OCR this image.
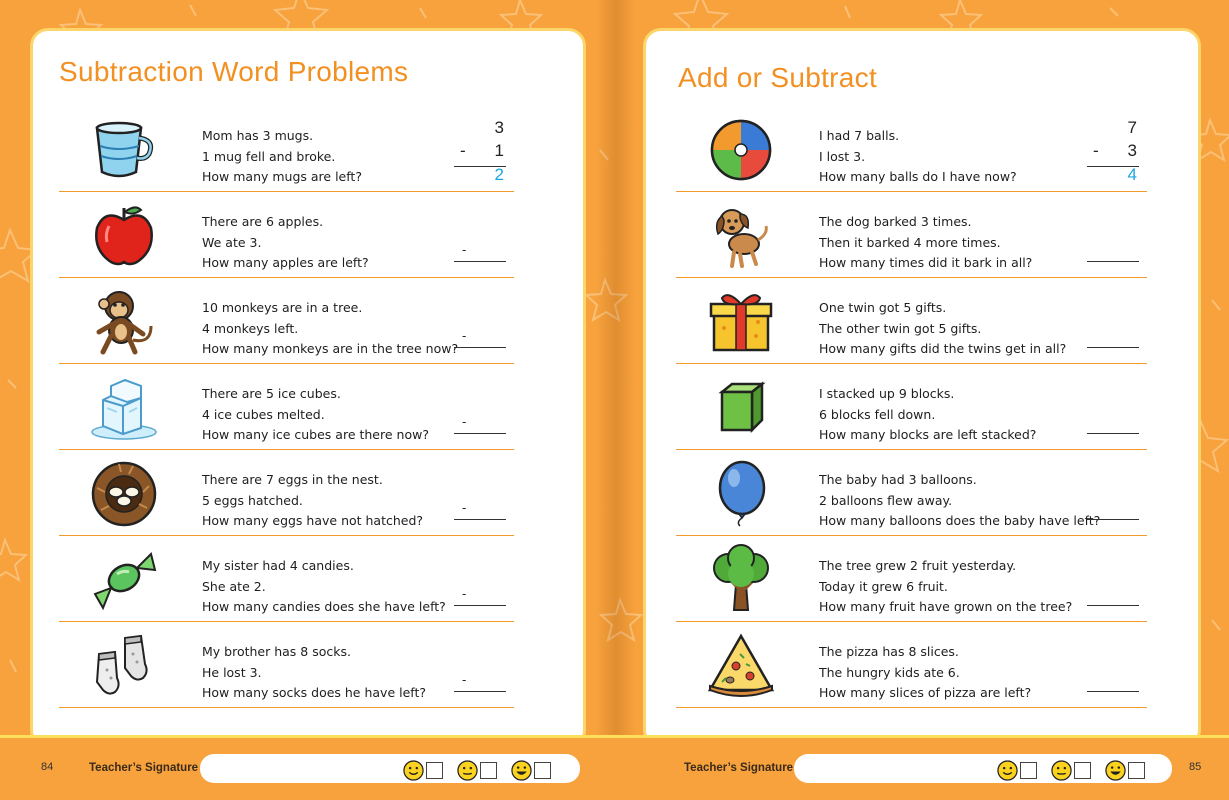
Subtraction Word Problems
Mom has 3 mugs.
1 mug fell and broke.
How many mugs are left?
3
- 1
2
There are 6 apples.
We ate 3.
How many apples are left?
-
10 monkeys are in a tree.
4 monkeys left.
How many monkeys are in the tree now?
-
There are 5 ice cubes.
4 ice cubes melted.
How many ice cubes are there now?
-
There are 7 eggs in the nest.
5 eggs hatched.
How many eggs have not hatched?
-
My sister had 4 candies.
She ate 2.
How many candies does she have left?
-
My brother has 8 socks.
He lost 3.
How many socks does he have left?
-
Add or Subtract
I had 7 balls.
I lost 3.
How many balls do I have now?
7
- 3
4
The dog barked 3 times.
Then it barked 4 more times.
How many times did it bark in all?
One twin got 5 gifts.
The other twin got 5 gifts.
How many gifts did the twins get in all?
I stacked up 9 blocks.
6 blocks fell down.
How many blocks are left stacked?
The baby had 3 balloons.
2 balloons flew away.
How many balloons does the baby have left?
The tree grew 2 fruit yesterday.
Today it grew 6 fruit.
How many fruit have grown on the tree?
The pizza has 8 slices.
The hungry kids ate 6.
How many slices of pizza are left?
84	Teacher’s Signature	Teacher’s Signature	85
